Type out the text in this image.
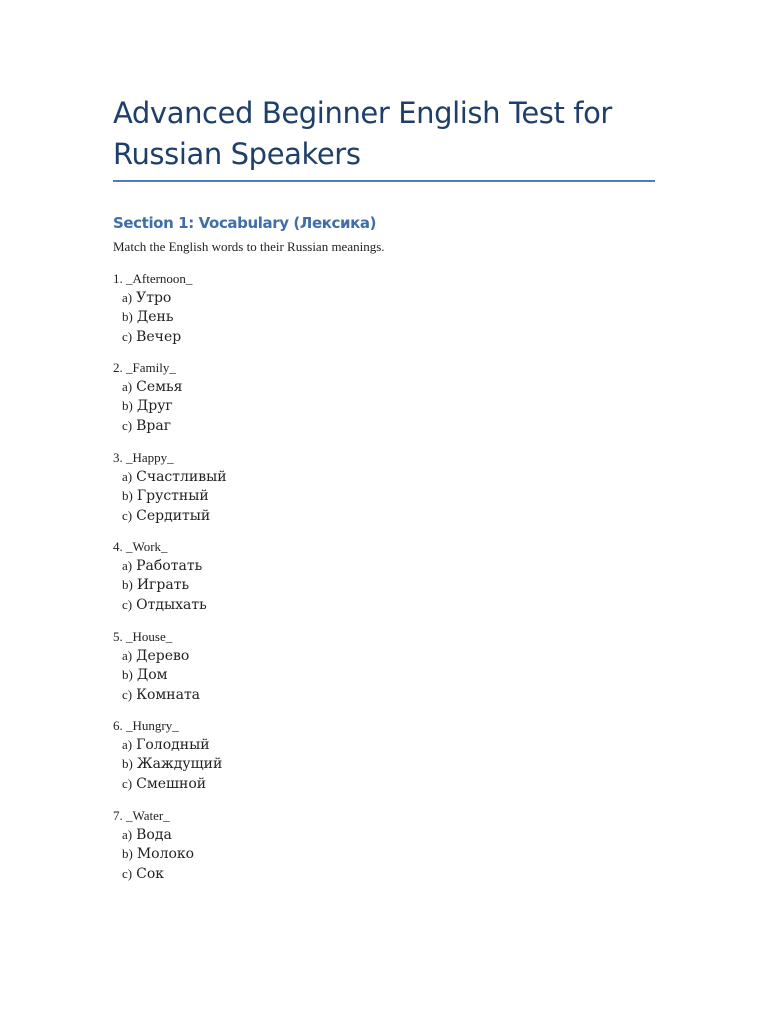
Advanced Beginner English Test for Russian Speakers
Section 1: Vocabulary (Лексика)

Match the English words to their Russian meanings.

1. _Afternoon_
a) Утро
b) День
c) Вечер
2. _Family_
a) Семья
b) Друг
c) Враг
3. _Happy_
a) Счастливый
b) Грустный
c) Сердитый
4. _Work_
a) Работать
b) Играть
c) Отдыхать
5. _House_
a) Дерево
b) Дом
c) Комната
6. _Hungry_
a) Голодный
b) Жаждущий
c) Смешной
7. _Water_
a) Вода
b) Молоко
c) Сок
